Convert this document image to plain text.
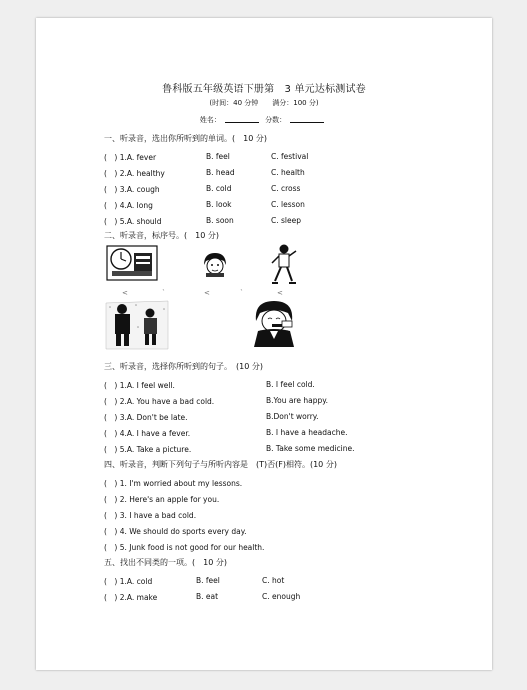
鲁科版五年级英语下册第　3 单元达标测试卷
(时间：40 分钟　　满分：100 分)
姓名：	分数：
一、听录音，选出你所听到的单词。(　10 分)
(　) 1.A. fever	B. feel	C. festival
(　) 2.A. healthy	B. head	C. health
(　) 3.A. cough	B. cold	C. cross
(　) 4.A. long	B. look	C. lesson
(　) 5.A. should	B. soon	C. sleep
二、听录音，标序号。(　10 分)
<	<	<
`	`
三、听录音，选择你所听到的句子。　(10 分)
(　) 1.A. I feel well.	B. I feel cold.
(　) 2.A. You have a bad cold.	B.You are happy.
(　) 3.A. Don't be late.	B.Don't worry.
(　) 4.A. I have a fever.	B. I have a headache.
(　) 5.A. Take a picture.	B. Take some medicine.
四、听录音，判断下列句子与所听内容是　(T)否(F)相符。(10 分)
(　) 1. I'm worried about my lessons.
(　) 2. Here's an apple for you.
(　) 3. I have a bad cold.
(　) 4. We should do sports every day.
(　) 5. Junk food is not good for our health.
五、找出不同类的一项。(　10 分)
(　) 1.A. cold	B. feel	C. hot
(　) 2.A. make	B. eat	C. enough
